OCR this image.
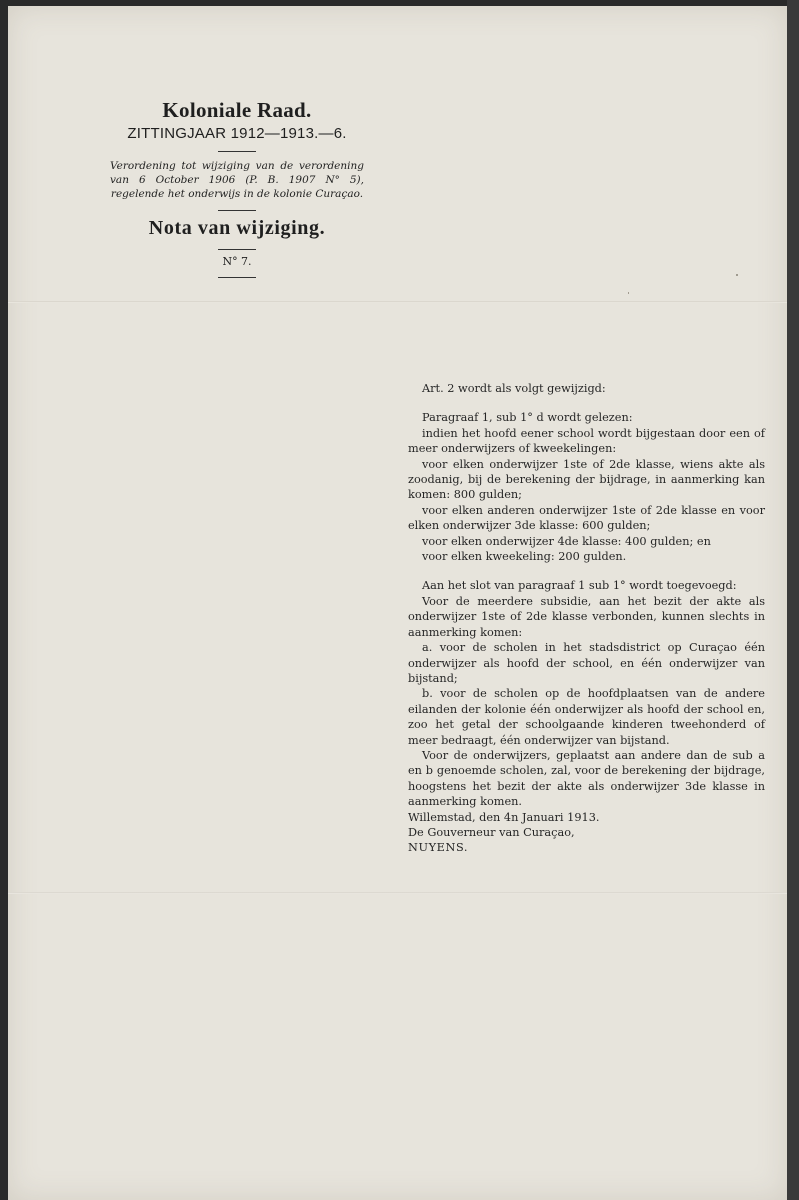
Koloniale Raad.
ZITTINGJAAR 1912—1913.—6.
Verordening tot wijziging van de verordening van 6 October 1906 (P. B. 1907 N° 5), regelende het onderwijs in de kolonie Curaçao.
Nota van wijziging.
N° 7.

Art. 2 wordt als volgt gewijzigd:

Paragraaf 1, sub 1° d wordt gelezen:

indien het hoofd eener school wordt bijgestaan door een of meer onderwijzers of kweekelingen:

voor elken onderwijzer 1ste of 2de klasse, wiens akte als zoodanig, bij de berekening der bijdrage, in aanmerking kan komen: 800 gulden;

voor elken anderen onderwijzer 1ste of 2de klasse en voor elken onderwijzer 3de klasse: 600 gulden;

voor elken onderwijzer 4de klasse: 400 gulden; en

voor elken kweekeling: 200 gulden.

Aan het slot van paragraaf 1 sub 1° wordt toegevoegd:

Voor de meerdere subsidie, aan het bezit der akte als onderwijzer 1ste of 2de klasse verbonden, kunnen slechts in aanmerking komen:

a. voor de scholen in het stadsdistrict op Curaçao één onderwijzer als hoofd der school, en één onderwijzer van bijstand;

b. voor de scholen op de hoofdplaatsen van de andere eilanden der kolonie één onderwijzer als hoofd der school en, zoo het getal der schoolgaande kinderen tweehonderd of meer bedraagt, één onderwijzer van bijstand.

Voor de onderwijzers, geplaatst aan andere dan de sub a en b genoemde scholen, zal, voor de berekening der bijdrage, hoogstens het bezit der akte als onderwijzer 3de klasse in aanmerking komen.

Willemstad, den 4n Januari 1913.

De Gouverneur van Curaçao,

NUYENS.
